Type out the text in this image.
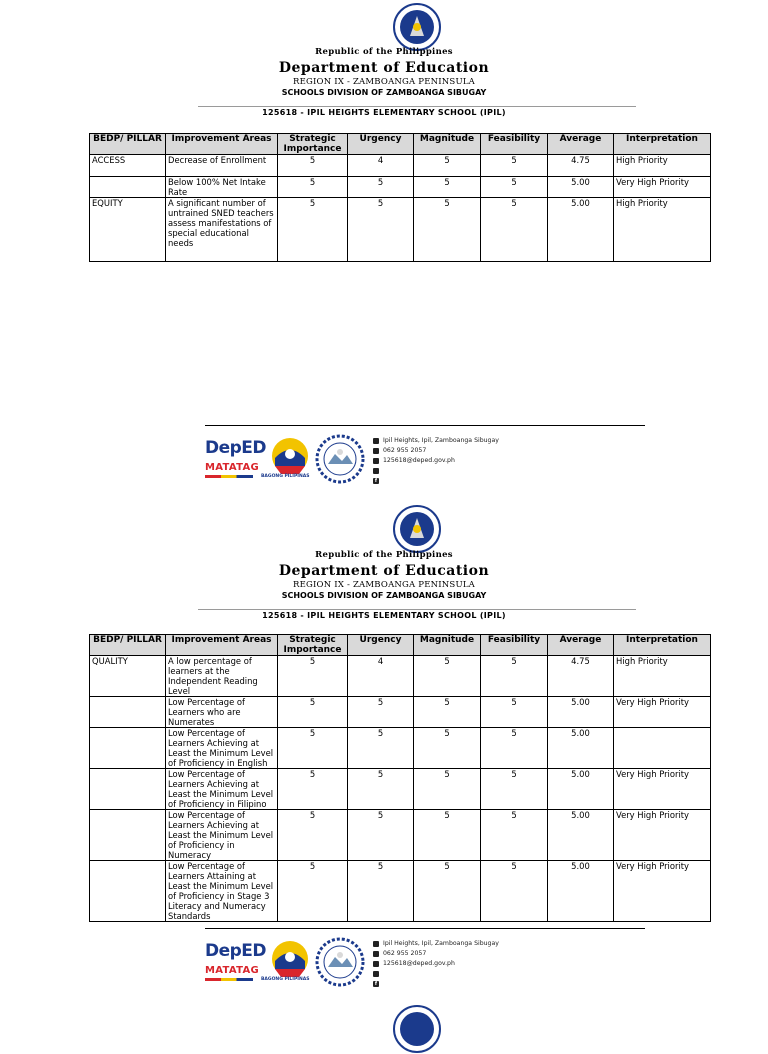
Republic of the Philippines
Department of Education
REGION IX - ZAMBOANGA PENINSULA
SCHOOLS DIVISION OF ZAMBOANGA SIBUGAY
125618 - IPIL HEIGHTS ELEMENTARY SCHOOL (IPIL)
BEDP/ PILLAR	Improvement Areas	Strategic Importance	Urgency	Magnitude	Feasibility	Average	Interpretation
ACCESS	Decrease of Enrollment	5	4	5	5	4.75	High Priority
	Below 100% Net Intake Rate	5	5	5	5	5.00	Very High Priority
EQUITY	A significant number of untrained SNED teachers assess manifestations of special educational needs	5	5	5	5	5.00	High Priority
DepED
MATATAG
BAGONG PILIPINAS
Ipil Heights, Ipil, Zamboanga Sibugay
062 955 2057
125618@deped.gov.ph
f
Republic of the Philippines
Department of Education
REGION IX - ZAMBOANGA PENINSULA
SCHOOLS DIVISION OF ZAMBOANGA SIBUGAY
125618 - IPIL HEIGHTS ELEMENTARY SCHOOL (IPIL)
BEDP/ PILLAR	Improvement Areas	Strategic Importance	Urgency	Magnitude	Feasibility	Average	Interpretation
QUALITY	A low percentage of learners at the Independent Reading Level	5	4	5	5	4.75	High Priority
	Low Percentage of Learners who are Numerates	5	5	5	5	5.00	Very High Priority
	Low Percentage of Learners Achieving at Least the Minimum Level of Proficiency in English	5	5	5	5	5.00	
	Low Percentage of Learners Achieving at Least the Minimum Level of Proficiency in Filipino	5	5	5	5	5.00	Very High Priority
	Low Percentage of Learners Achieving at Least the Minimum Level of Proficiency in Numeracy	5	5	5	5	5.00	Very High Priority
	Low Percentage of Learners Attaining at Least the Minimum Level of Proficiency in Stage 3 Literacy and Numeracy Standards	5	5	5	5	5.00	Very High Priority
DepED
MATATAG
BAGONG PILIPINAS
Ipil Heights, Ipil, Zamboanga Sibugay
062 955 2057
125618@deped.gov.ph
f
